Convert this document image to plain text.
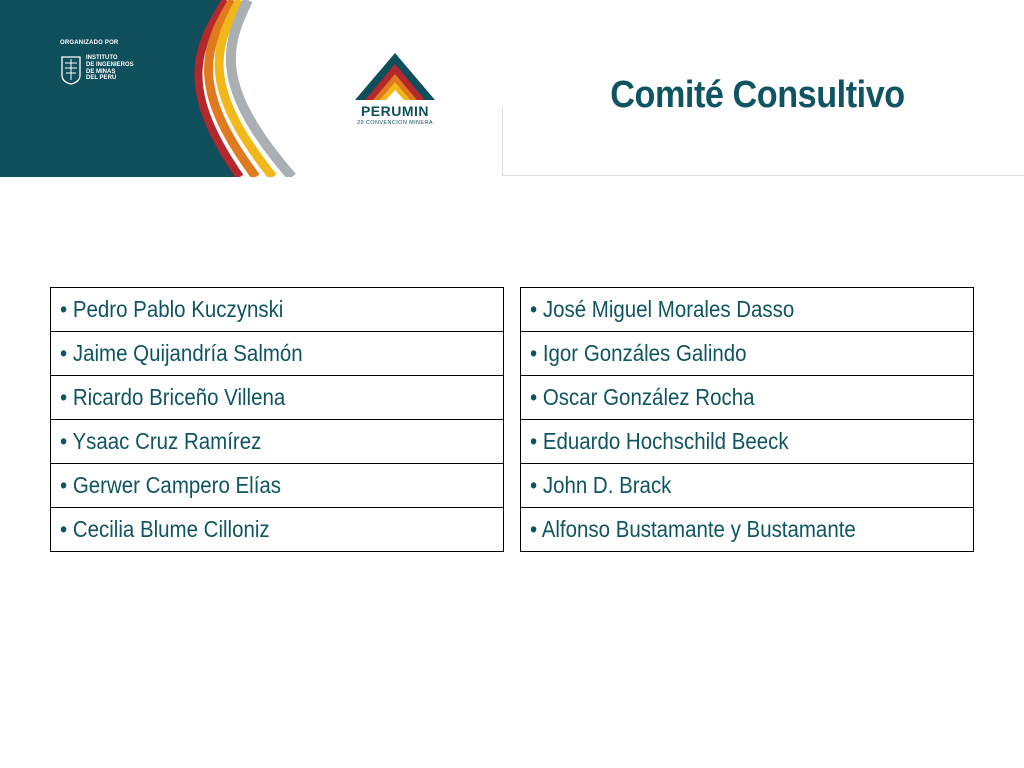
ORGANIZADO POR
INSTITUTO
DE INGENIEROS
DE MINAS
DEL PERÚ
PERUMIN
29 CONVENCION MINERA
Comité Consultivo
• Pedro Pablo Kuczynski
• Jaime Quijandría Salmón
• Ricardo Briceño Villena
• Ysaac Cruz Ramírez
• Gerwer Campero Elías
• Cecilia Blume Cilloniz
• José Miguel Morales Dasso
• Igor Gonzáles Galindo
• Oscar González Rocha
• Eduardo Hochschild Beeck
• John D. Brack
• Alfonso Bustamante y Bustamante
